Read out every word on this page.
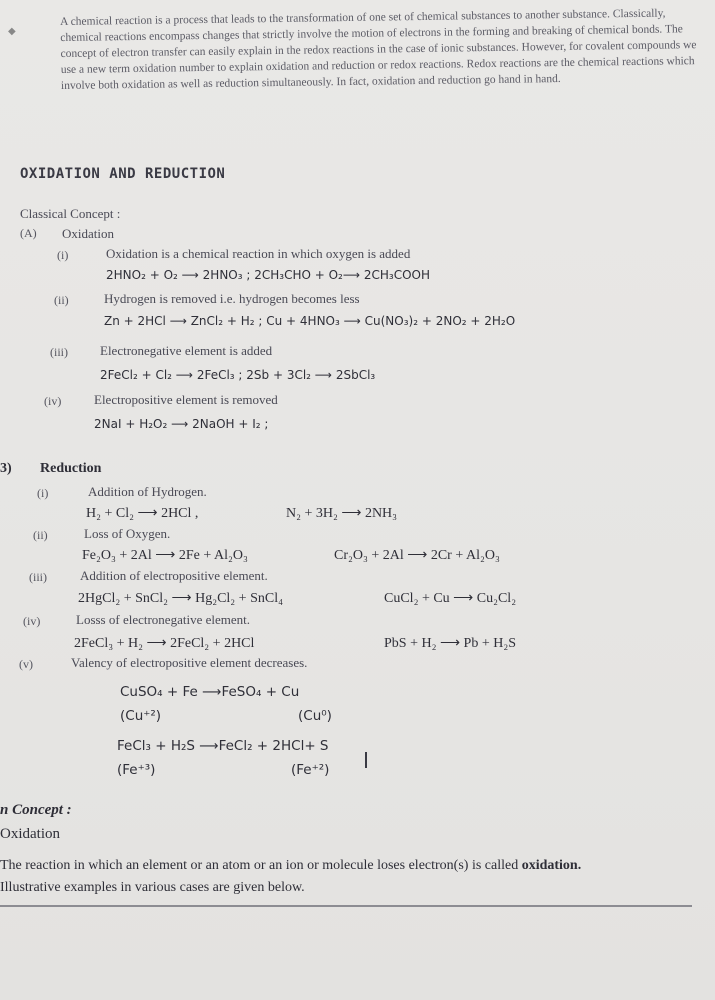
◆

A chemical reaction is a process that leads to the transformation of one set of chemical substances to another substance. Classically, chemical reactions encompass changes that strictly involve the motion of electrons in the forming and breaking of chemical bonds. The concept of electron transfer can easily explain in the redox reactions in the case of ionic substances. However, for covalent compounds we use a new term oxidation number to explain oxidation and reduction or redox reactions. Redox reactions are the chemical reactions which involve both oxidation as well as reduction simultaneously. In fact, oxidation and reduction go hand in hand.

OXIDATION AND REDUCTION
Classical Concept :
(A) Oxidation
(i)	Oxidation is a chemical reaction in which oxygen is added
2HNO₂ + O₂ ⟶ 2HNO₃ ; 2CH₃CHO + O₂⟶ 2CH₃COOH
(ii)	Hydrogen is removed i.e. hydrogen becomes less
Zn + 2HCl ⟶ ZnCl₂ + H₂ ; Cu + 4HNO₃ ⟶ Cu(NO₃)₂ + 2NO₂ + 2H₂O
(iii) Electronegative element is added
2FeCl₂ + Cl₂ ⟶ 2FeCl₃ ; 2Sb + 3Cl₂ ⟶ 2SbCl₃
(iv)	Electropositive element is removed
2NaI + H₂O₂ ⟶ 2NaOH + I₂ ;
3) Reduction
(i)	Addition of Hydrogen.
H₂ + Cl₂ ⟶ 2HCl ,	N₂ + 3H₂ ⟶ 2NH₃
(ii)	Loss of Oxygen.
Fe₂O₃ + 2Al ⟶ 2Fe + Al₂O₃	Cr₂O₃ + 2Al ⟶ 2Cr + Al₂O₃
(iii)	Addition of electropositive element.
2HgCl₂ + SnCl₂ ⟶ Hg₂Cl₂ + SnCl₄	CuCl₂ + Cu ⟶ Cu₂Cl₂
(iv)	Losss of electronegative element.
2FeCl₃ + H₂ ⟶ 2FeCl₂ + 2HCl	PbS + H₂ ⟶ Pb + H₂S
(v)	Valency of electropositive element decreases.
CuSO₄ + Fe ⟶FeSO₄ + Cu
(Cu⁺²)	(Cu⁰)
FeCl₃ + H₂S ⟶FeCl₂ + 2HCl+ S
(Fe⁺³)	(Fe⁺²)
n Concept :
Oxidation
The reaction in which an element or an atom or an ion or molecule loses electron(s) is called oxidation.
Illustrative examples in various cases are given below.
